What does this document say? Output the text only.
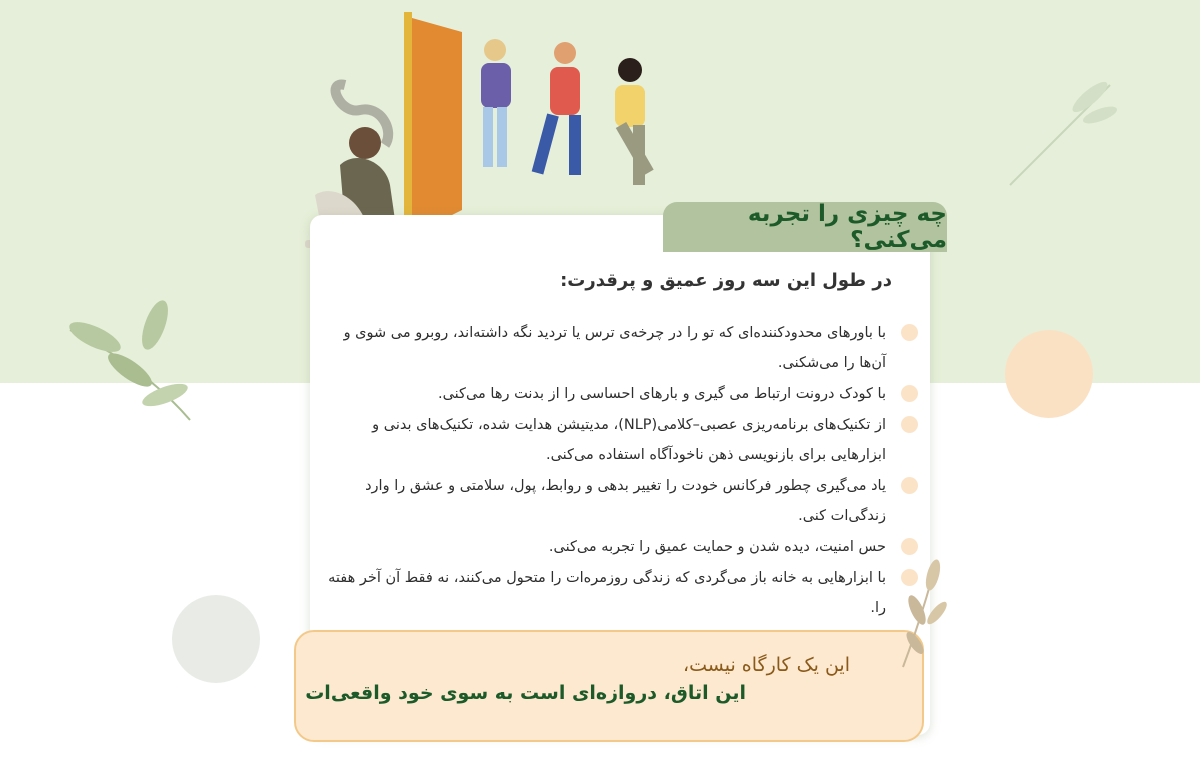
چه چیزی را تجربه می‌کنی؟
در طول این سه روز عمیق و پرقدرت:
با باورهای محدودکننده‌ای که تو را در چرخه‌ی ترس یا تردید نگه داشته‌اند، روبرو می شوی و آن‌ها را می‌شکنی.
با کودک درونت ارتباط می گیری و بارهای احساسی را از بدنت رها می‌کنی.
از تکنیک‌های برنامه‌ریزی عصبی–کلامی(NLP)، مدیتیشن هدایت شده، تکنیک‌های بدنی و ابزارهایی برای بازنویسی ذهن ناخودآگاه استفاده می‌کنی.
یاد می‌گیری چطور فرکانس خودت را تغییر بدهی و روابط، پول، سلامتی و عشق را وارد زندگی‌ات کنی.
حس امنیت، دیده شدن و حمایت عمیق را تجربه می‌کنی.
با ابزارهایی به خانه باز می‌گردی که زندگی روزمره‌ات را متحول می‌کنند، نه فقط آن آخر هفته را.
این یک کارگاه نیست،
این اتاق، دروازه‌ای است به سوی خود واقعی‌ات
